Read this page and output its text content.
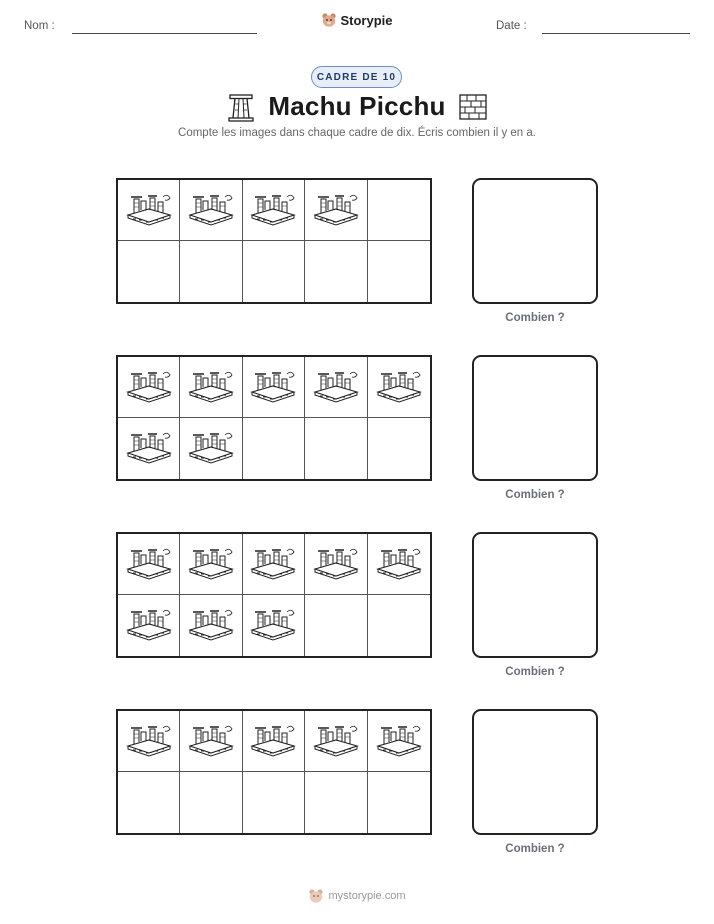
Nom :	Storypie	Date :
CADRE DE 10
Machu Picchu
Compte les images dans chaque cadre de dix. Écris combien il y en a.
Combien ?
Combien ?
Combien ?
Combien ?
mystorypie.com
